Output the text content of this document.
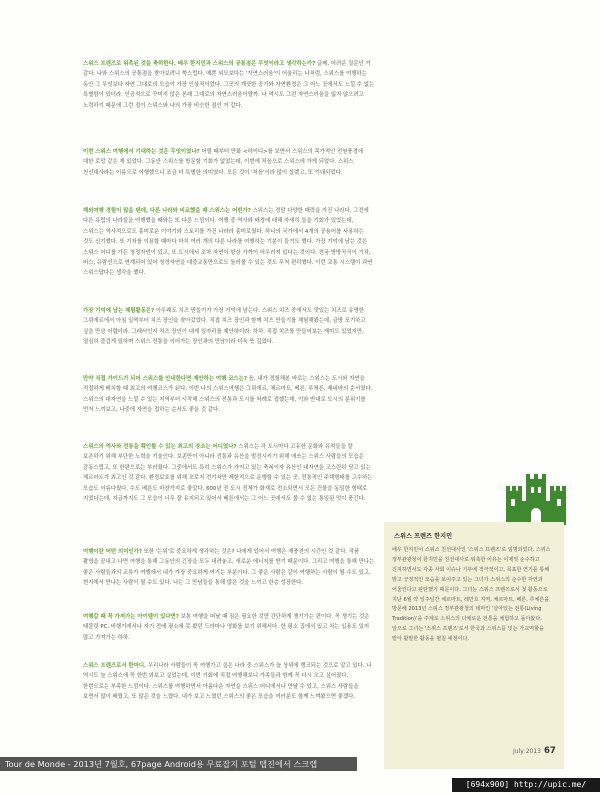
스위스 프렌즈로 위촉된 것을 축하한다. 배우 한지민과 스위스의 공통점은 무엇이라고 생각하는가? 글쎄, 어려운 질문인 거 같다. 나와 스위스의 공통점을 찾아보려니 쑥스럽다. 예쁜 외모보다는 '자연스러움'이 어울리는 나처럼, 스위스를 여행하는 동안 그 무엇보다 자연 그대로의 모습이 가장 인상적이었다. 그곳의 깨끗한 공기와 자연환경은 그 어느 곳에서도 느낄 수 없는 특별함이 있더라. 인공적으로 꾸미지 않은 본래 그대로의 자연스러움이랄까. 나 역시도 그런 자연스러움을 잃지 않으려고 노력하기 때문에 그런 점이 스위스와 나의 가장 비슷한 점인 거 같다.

이번 스위스 여행에서 기대하는 것은 무엇이었나? 어릴 때부터 만화 <하이디>를 보면서 스위스의 목가적인 전원풍경에 대한 로망 같은 게 있었다. 그동안 스위스를 방문할 기회가 없었는데, 이번에 처음으로 스위스에 가게 되었다. 스위스 친선대사라는 이름으로 여행했으니 조금 더 특별한 의미였다. 모든 것이 '처음'이라 많이 설렜고, 또 기대되었다.

해외여행 경험이 많을 텐데, 다른 나라와 비교했을 때 스위스는 어떤가? 스위스는 정말 다양한 매력을 가진 나라다. 그전에 다른 유럽의 나라들을 여행했을 때와는 또 다른 느낌이다. 여행 중 역사와 배경에 대해 자세히 들을 기회가 있었는데, 스위스는 역사적으로도 흥미로운 이야기와 스토리를 가진 나라라 흥미로웠다. 하나의 국가에서 4개의 공용어를 사용하는 것도 신기했다. 또 기차를 이용할 때마다 마치 여러 개의 다른 나라를 여행하는 기분이 들기도 했다. 가장 기억에 남는 것은 스위스 어디를 가든 청정자연이 있고, 또 도시에서 조차 자연이 항상 가까이 어우러져 있다는 것이다. 전국 방방곡곡이 기차, 버스, 유람선으로 연계되어 있어 청정자연을 대중교통만으로도 돌러볼 수 있는 것도 무척 편리했다. 이런 교통 시스템이 과연 스위스답다는 생각을 했다.

가장 기억에 남는 체험활동은? 아무래도 치즈 만들기가 가장 기억에 남는다. 스위스 치즈 중에서도 맛있는 치즈로 유명한 그뤼에르에서 아침 일찍부터 치즈 장인을 찾아갔었다. 직접 치즈 장인과 함께 치즈 만들기를 체험해봤는데, 금방 포기하고 싶을 만큼 어렵더라. 그래서인지 치즈 장인이 내게 일자리를 제안하더라. 하하. 직접 치즈를 만들어보는 재미도 있었지만, 열심히 즐겁게 일하며 스위스 전통을 이어가는 장인과의 만남이라 더욱 뜻 깊었다.

만약 직접 가이드가 되어 스위스를 안내한다면 제안하는 여행 코스는? 음, 내가 경험해본 바로는 스위스는 도시와 자연을 적절하게 배치할 때 최고의 여행코스가 된다. 이번 나의 스위스여행은 그뤼에르, 체르마트, 베른, 루체른, 제네바의 순서였다. 스위스의 대자연을 느낄 수 있는 지역부터 시작해 스위스의 전통과 도시를 차례로 접했는데, 이와 반대로 도시의 분위기를 먼저 느끼보고, 나중에 자연을 접하는 순서도 좋을 것 같다.

스위스의 역사와 전통을 확인할 수 있는 최고의 장소는 어디였나? 스위스는 각 도시마다 고유한 문화와 유적들을 잘 보존하기 위해 부단한 노력을 기울인다. 보존만이 아니라 전통과 유산을 발전시키기 위해 애쓰는 스위스 사람들의 모습은 감동스럽고, 또 한편으로는 부러웠다. 그중에서도 특히 스위스가 가지고 있는 축복이자 유산인 대자연을 고스란히 담고 있는 체르마트가 최고인 것 같다. 환경보호를 위해 오로지 전기차만 제한적으로 운행할 수 있는 곳, 전통적인 주택형태를 고수하는 모습도 이름다웠다. 수도 베른도 마찬가지로 좋았다. 600년 전 도시 전체가 화재로 전소되면서 모든 건물을 동일한 형태로 지었다는데, 지금까지도 그 모습이 너무 잘 유지되고 있어서 베른에서는 그 어느 곳에서도 볼 수 없는 통일된 멋이 풍긴다.

여행이란 어떤 의미인가? 또한 '는위'로 중요하게 생각하는 것은? 나에게 있어서 여행은 재충전의 시간인 것 같다. 작품 촬영을 끝내고 나면 여행을 통해 그동안의 긴장을 모두 내려놓고, 새로운 에너지를 받기 때문이다. 그리고 여행을 통해 만나는 좋은 사람들과의 교류가 여행에서 내가 가장 중요하게 여기는 부분이다. 그 좋은 사람은 같이 여행하는 사람이 될 수도 있고, 현지에서 만나는 사람이 될 수도 있다. 나는 그 만남들을 통해 많은 것을 느끼고 한층 성장한다.

여행갈 때 꼭 가져가는 아이템이 있다면? 보통 여행을 떠날 때 짐은 필요한 것만 간단하게 챙기가는 편이다. 꼭 챙기는 것은 태블릿 PC. 비행기에서나 자기 전에 평소에 못 봤던 드라마나 영화를 보기 위해서다. 한 평소 집에서 있고 치는 입용도 있지 많고 가져가는 하하.

스위스 프렌즈로서 한마디. 우리나라 사람들이 꼭 여행가고 싶은 나라 중 스위스가 늘 상위에 랭크되는 것으로 알고 있다. 나 역시도 늘 스위스에 꼭 한번 와보고 싶었는데, 이번 기회에 직접 여행해보니 가족들과 함께 꼭 다시 오고 싶어졌다. 한번으로는 부족한 느낌이다. 스위스를 여행하면서 아름다운 자연을 스위스 어디에서나 만날 수 있고, 스위스 사람들을 보면서 많이 배웠고, 또 많은 것을 느꼈다. 내가 보고 느꼈던 스위스의 좋은 모습을 여러분도 함께 느껴봤으면 좋겠다.

스위스 프렌즈 한지민

배우 한지민이 스위스 친선대사인 '스위스 프렌즈'로 임명되었다. 스위스 정부관광청이 한지민을 친선대사로 위촉한 이유는 이제껏 순수하고 진지하면서도 각종 사회 이슈나 기부에 적극적이고, 목표한 연기를 통해 밝고 긍정적인 모습을 보여주고 있는 그녀가 스위스의 순수한 자연과 어울린다고 판단했기 때문이다. 그녀는 스위스 프렌즈로서 첫 활동으로 지난 6월 약 일주일간 체르마트, 레만호 지역, 체르마트, 베른, 루체른을 방문해 2013년 스위스 정부관광청의 테마인 '살아있는 전통(Living Tradition)'을 주제로 스위스의 다채로운 전통을 체험하고 돌아왔다. 앞으로 그녀는 '스위스 프렌즈'로서 한국과 스위스를 잇는 가교역할을 맡아 활발한 활동을 펼칠 예정이다.

July 2013 67
Tour de Monde - 2013년 7월호, 67page Android용 무료잡지 포털 탭진에서 스크랩
[694x900] http://upic.me/
